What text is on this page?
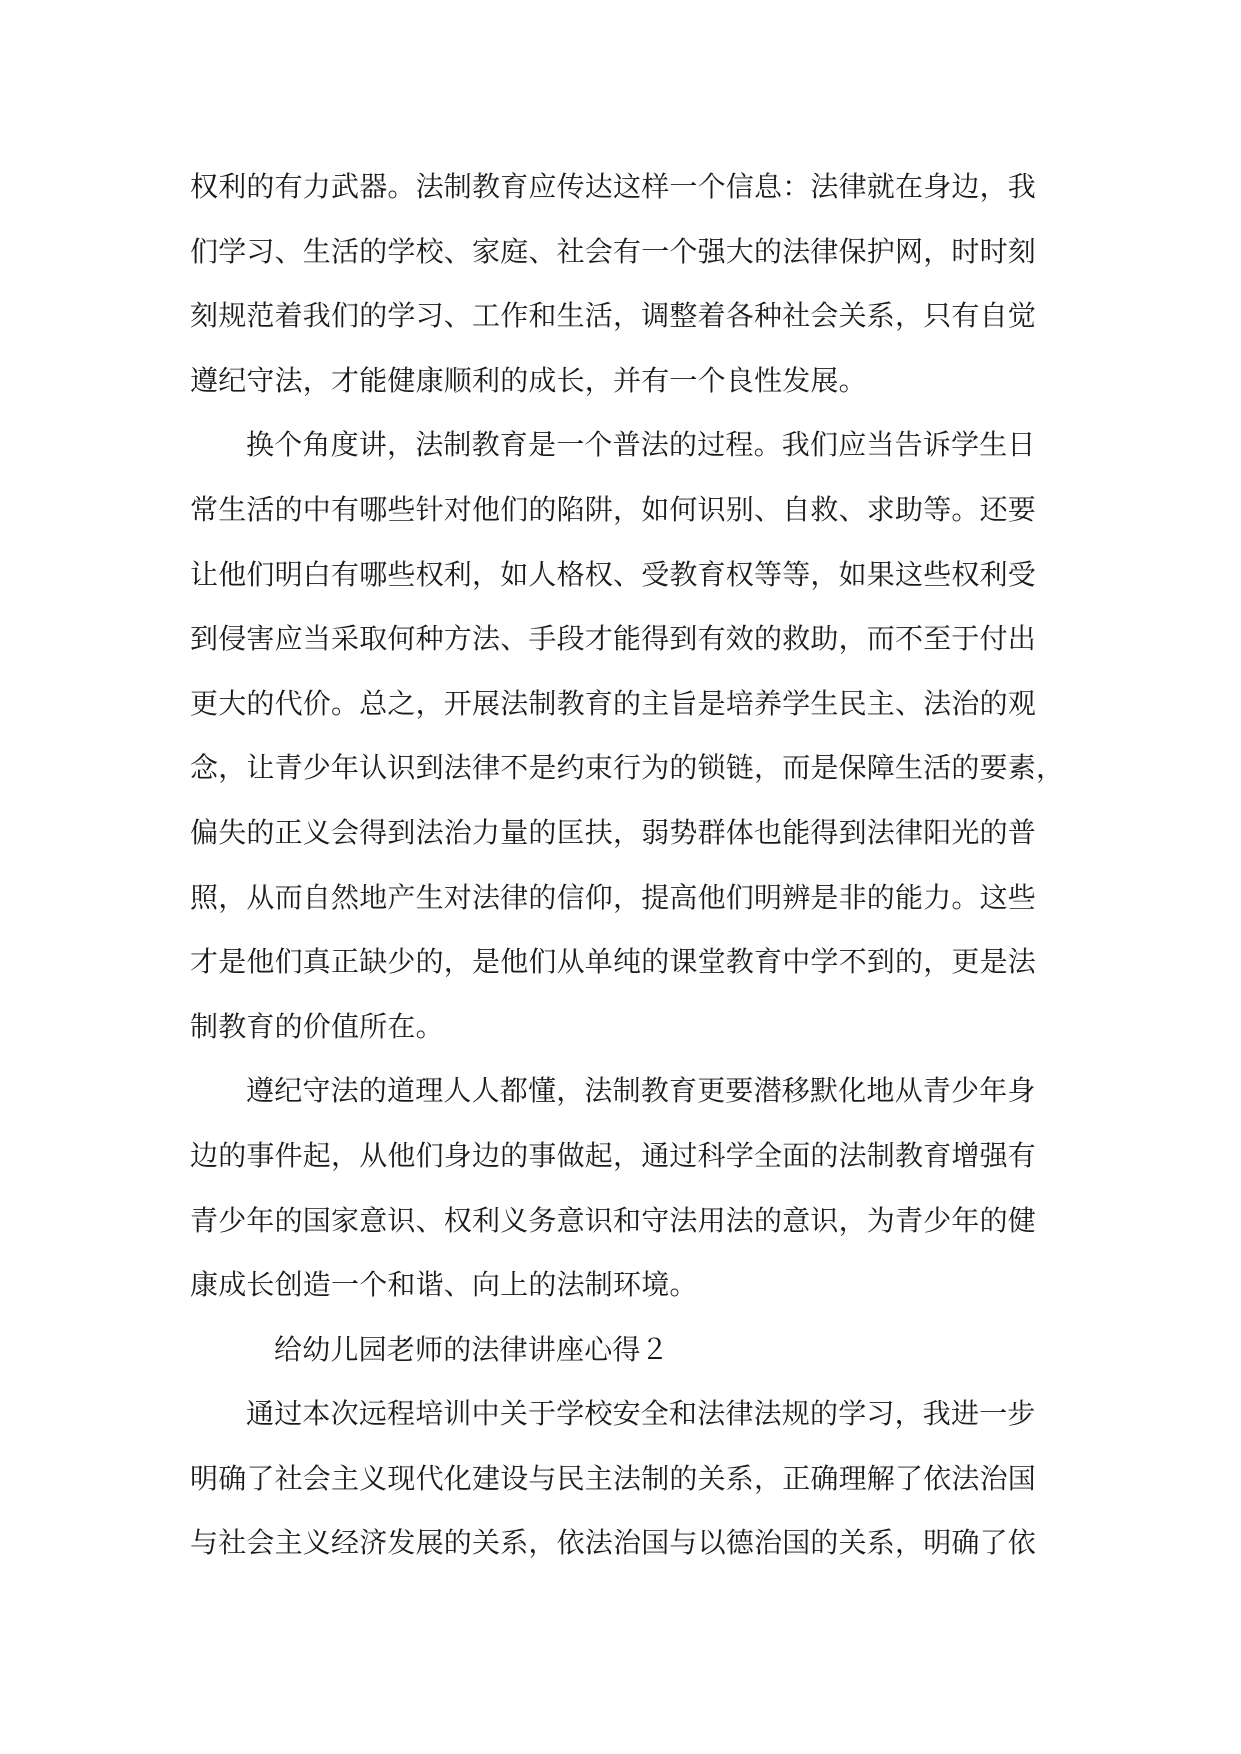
权利的有力武器。法制教育应传达这样一个信息：法律就在身边，我
们学习、生活的学校、家庭、社会有一个强大的法律保护网，时时刻
刻规范着我们的学习、工作和生活，调整着各种社会关系，只有自觉
遵纪守法，才能健康顺利的成长，并有一个良性发展。
换个角度讲，法制教育是一个普法的过程。我们应当告诉学生日
常生活的中有哪些针对他们的陷阱，如何识别、自救、求助等。还要
让他们明白有哪些权利，如人格权、受教育权等等，如果这些权利受
到侵害应当采取何种方法、手段才能得到有效的救助，而不至于付出
更大的代价。总之，开展法制教育的主旨是培养学生民主、法治的观
念，让青少年认识到法律不是约束行为的锁链，而是保障生活的要素，
偏失的正义会得到法治力量的匡扶，弱势群体也能得到法律阳光的普
照，从而自然地产生对法律的信仰，提高他们明辨是非的能力。这些
才是他们真正缺少的，是他们从单纯的课堂教育中学不到的，更是法
制教育的价值所在。
遵纪守法的道理人人都懂，法制教育更要潜移默化地从青少年身
边的事件起，从他们身边的事做起，通过科学全面的法制教育增强有
青少年的国家意识、权利义务意识和守法用法的意识，为青少年的健
康成长创造一个和谐、向上的法制环境。
给幼儿园老师的法律讲座心得２
通过本次远程培训中关于学校安全和法律法规的学习，我进一步
明确了社会主义现代化建设与民主法制的关系，正确理解了依法治国
与社会主义经济发展的关系，依法治国与以德治国的关系，明确了依
